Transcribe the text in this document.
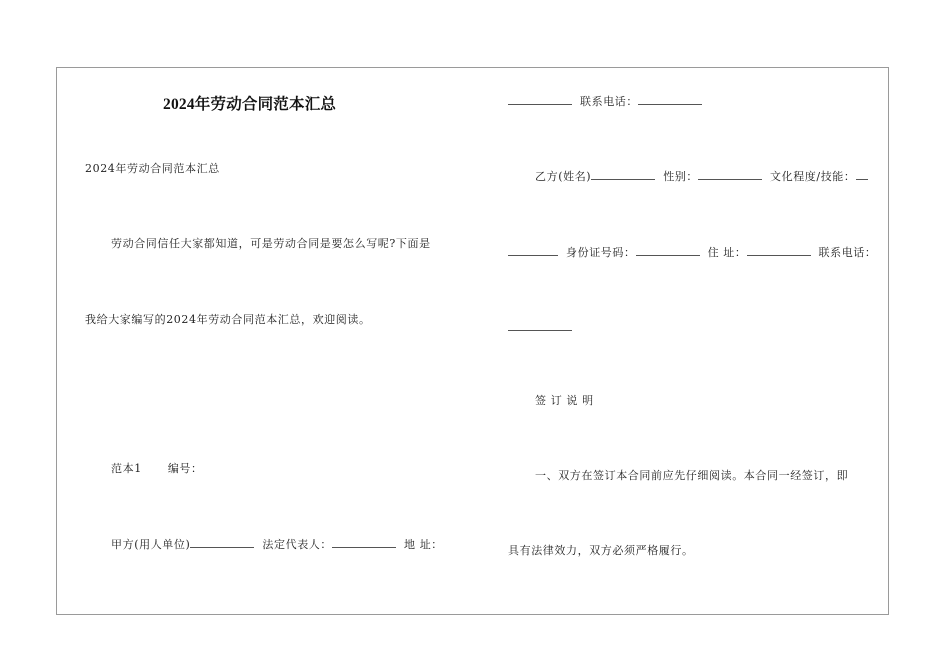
2024年劳动合同范本汇总
2024年劳动合同范本汇总
劳动合同信任大家都知道，可是劳动合同是要怎么写呢?下面是
我给大家编写的2024年劳动合同范本汇总，欢迎阅读。
范本1 编号：
甲方(用人单位)	法定代表人：	地 址：
联系电话：
乙方(姓名)	性别：	文化程度/技能：
身份证号码：	住 址：	联系电话：
签 订 说 明
一、双方在签订本合同前应先仔细阅读。本合同一经签订，即
具有法律效力，双方必须严格履行。
